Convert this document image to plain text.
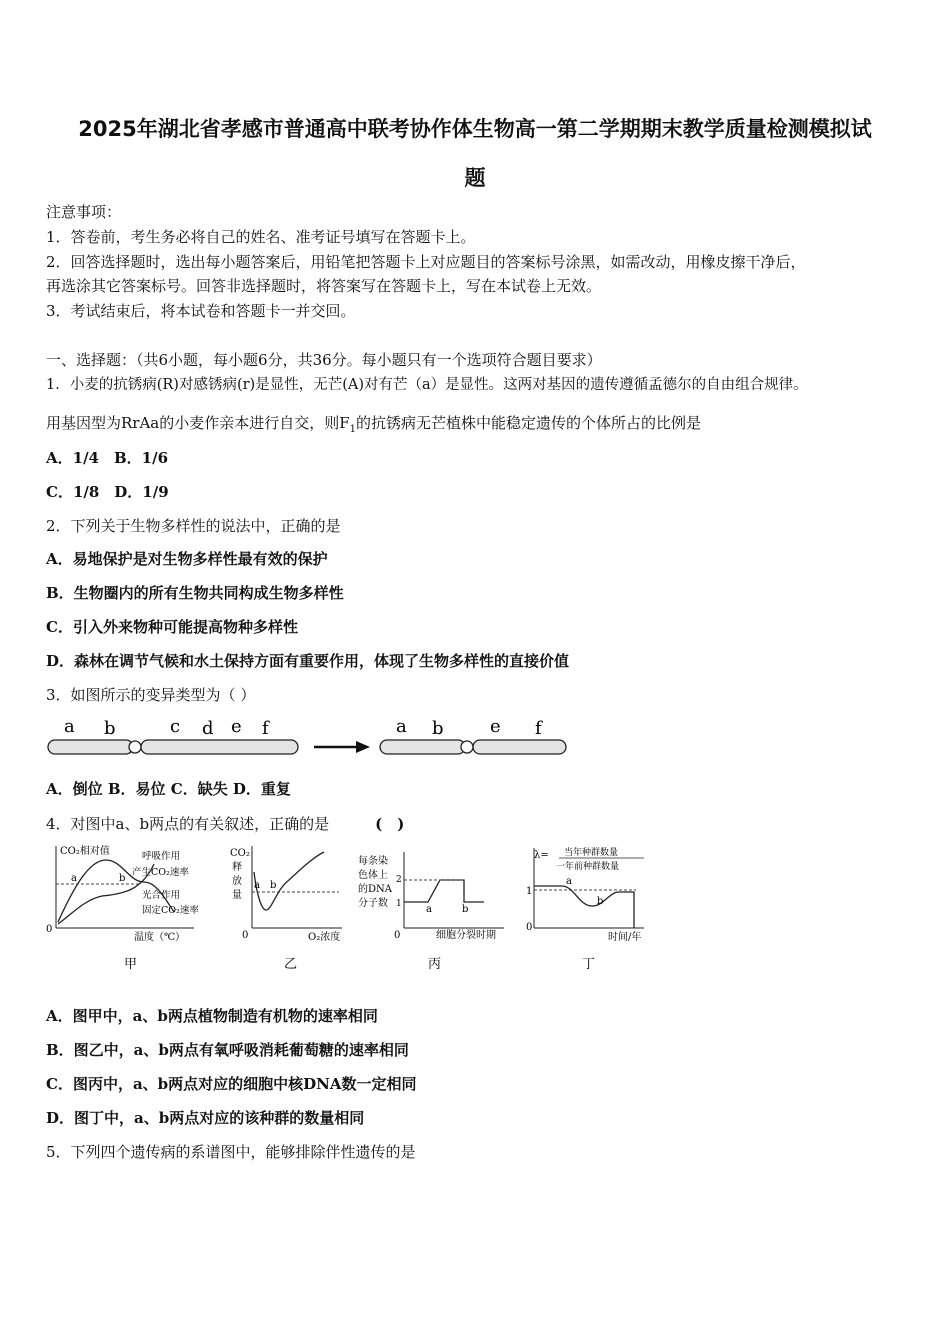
2025年湖北省孝感市普通高中联考协作体生物高一第二学期期末教学质量检测模拟试
题
注意事项：
1．答卷前，考生务必将自己的姓名、准考证号填写在答题卡上。
2．回答选择题时，选出每小题答案后，用铅笔把答题卡上对应题目的答案标号涂黑，如需改动，用橡皮擦干净后，
再选涂其它答案标号。回答非选择题时，将答案写在答题卡上，写在本试卷上无效。
3．考试结束后，将本试卷和答题卡一并交回。
一、选择题：（共6小题，每小题6分，共36分。每小题只有一个选项符合题目要求）
1．小麦的抗锈病(R)对感锈病(r)是显性，无芒(A)对有芒（a）是显性。这两对基因的遗传遵循孟德尔的自由组合规律。
用基因型为RrAa的小麦作亲本进行自交，则$F_1$的抗锈病无芒植株中能稳定遗传的个体所占的比例是
A．1/4　B．1/6
C．1/8　D．1/9
2．下列关于生物多样性的说法中，正确的是
A．易地保护是对生物多样性最有效的保护
B．生物圈内的所有生物共同构成生物多样性
C．引入外来物种可能提高物种多样性
D．森林在调节气候和水土保持方面有重要作用，体现了生物多样性的直接价值
3．如图所示的变异类型为（ ）
a b	c d e f	a b	e f
A．倒位 B．易位 C．缺失 D．重复
4．对图中a、b两点的有关叙述，正确的是	(　)
CO₂相对值
0
a	b
呼吸作用
产生CO₂速率
光合作用
固定CO₂速率
温度（℃）
甲
CO₂
释
放
量
0
a b
O₂浓度
乙
每条染
色体上
的DNA
分子数
2
1
0
a	b
细胞分裂时期
丙
λ= 当年种群数量
一年前种群数量
1
0
a
b
时间/年
丁
A．图甲中，a、b两点植物制造有机物的速率相同
B．图乙中，a、b两点有氧呼吸消耗葡萄糖的速率相同
C．图丙中，a、b两点对应的细胞中核DNA数一定相同
D．图丁中，a、b两点对应的该种群的数量相同
5．下列四个遗传病的系谱图中，能够排除伴性遗传的是
